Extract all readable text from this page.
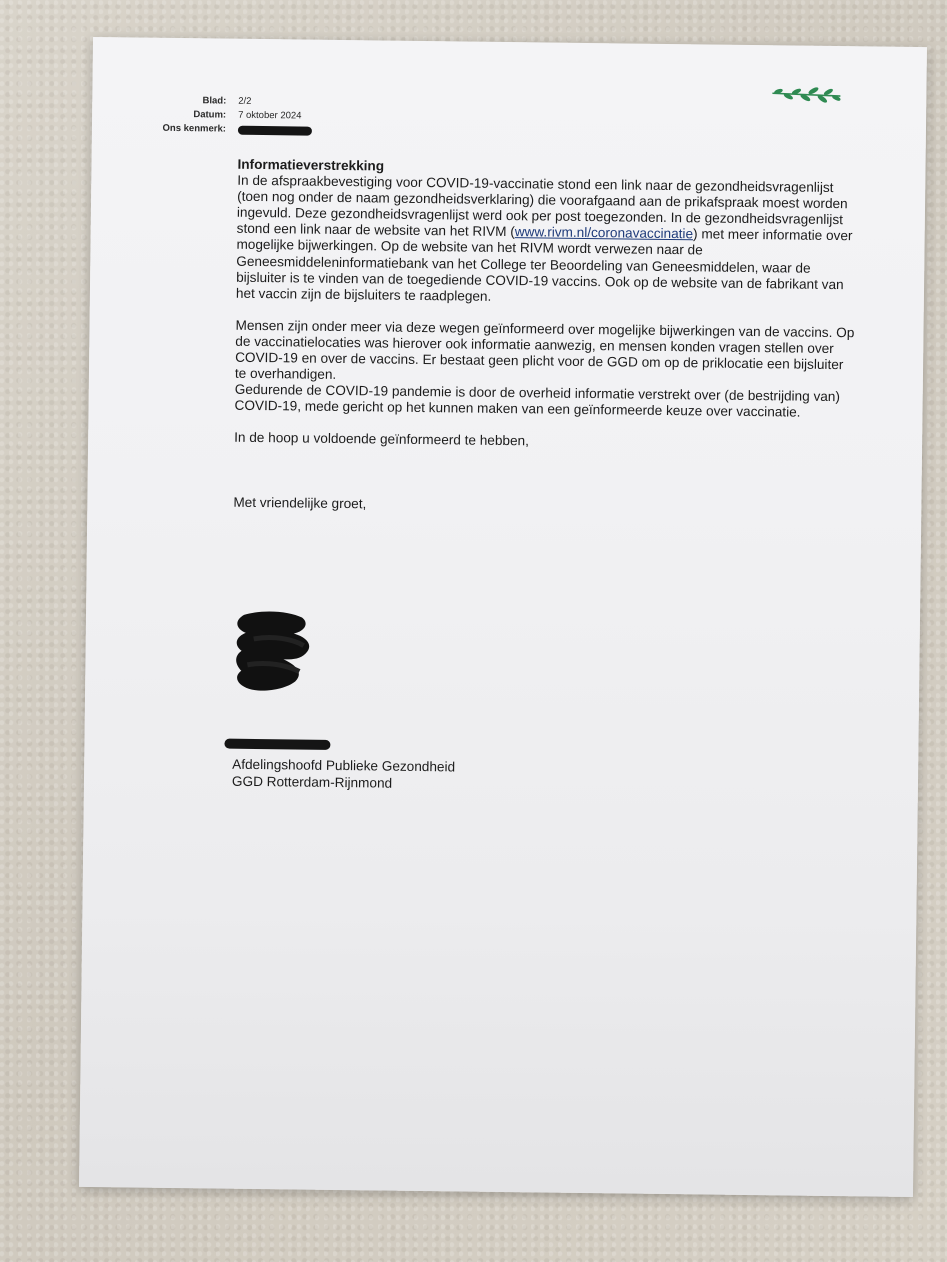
Blad:	2/2
Datum:	7 oktober 2024
Ons kenmerk:
Informatieverstrekking

In de afspraakbevestiging voor COVID-19-vaccinatie stond een link naar de gezondheidsvragenlijst (toen nog onder de naam gezondheidsverklaring) die voorafgaand aan de prikafspraak moest worden ingevuld. Deze gezondheidsvragenlijst werd ook per post toegezonden. In de gezondheidsvragenlijst stond een link naar de website van het RIVM (www.rivm.nl/coronavaccinatie) met meer informatie over mogelijke bijwerkingen. Op de website van het RIVM wordt verwezen naar de Geneesmiddeleninformatiebank van het College ter Beoordeling van Geneesmiddelen, waar de bijsluiter is te vinden van de toegediende COVID-19 vaccins. Ook op de website van de fabrikant van het vaccin zijn de bijsluiters te raadplegen.

Mensen zijn onder meer via deze wegen geïnformeerd over mogelijke bijwerkingen van de vaccins. Op de vaccinatielocaties was hierover ook informatie aanwezig, en mensen konden vragen stellen over COVID-19 en over de vaccins. Er bestaat geen plicht voor de GGD om op de priklocatie een bijsluiter te overhandigen.

Gedurende de COVID-19 pandemie is door de overheid informatie verstrekt over (de bestrijding van) COVID-19, mede gericht op het kunnen maken van een geïnformeerde keuze over vaccinatie.

In de hoop u voldoende geïnformeerd te hebben,

Met vriendelijke groet,

Afdelingshoofd Publieke Gezondheid
GGD Rotterdam-Rijnmond
